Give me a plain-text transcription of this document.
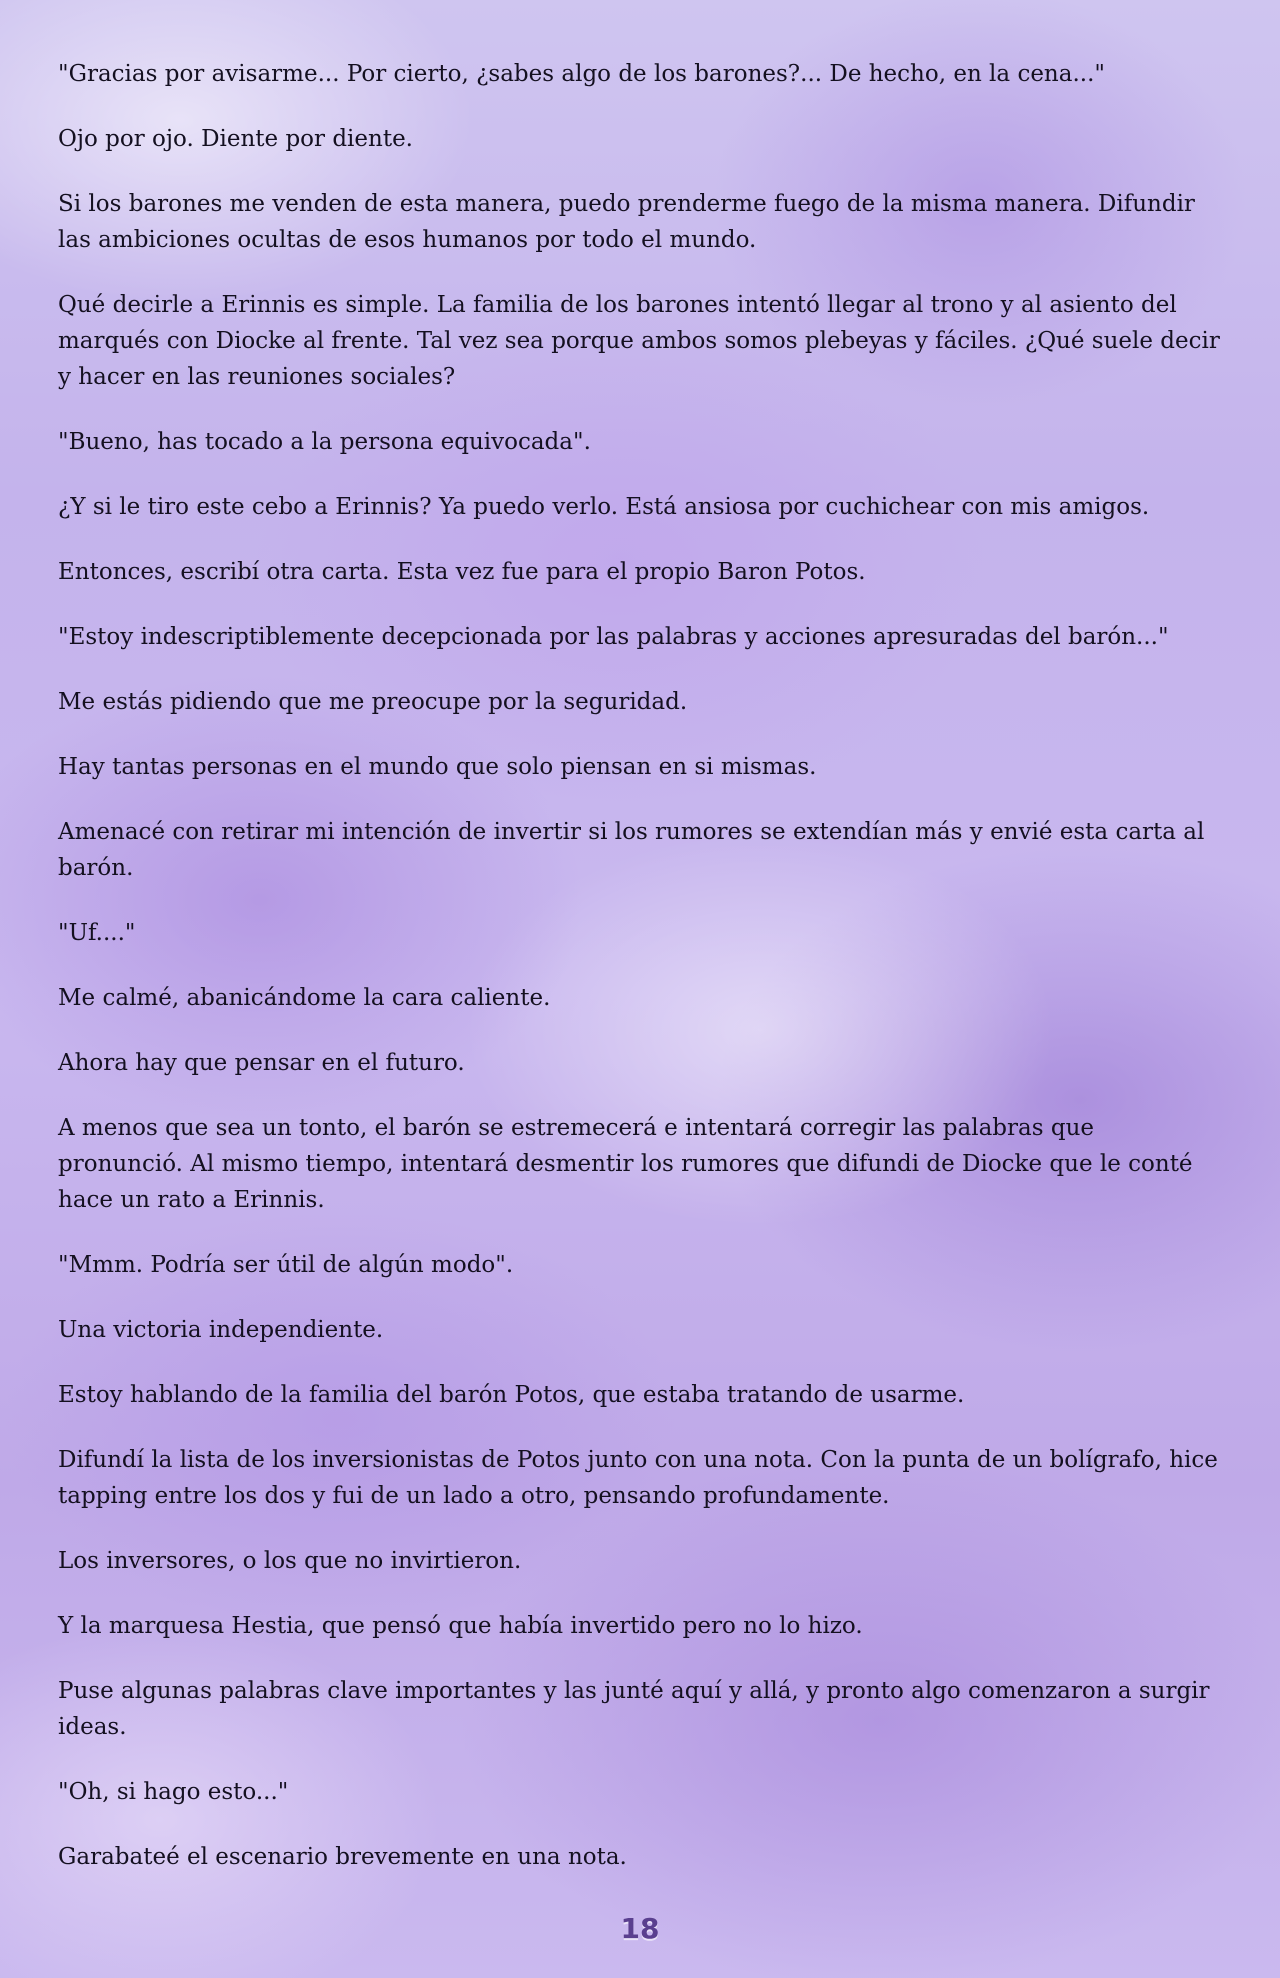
"Gracias por avisarme... Por cierto, ¿sabes algo de los barones?... De hecho, en la cena..."

Ojo por ojo. Diente por diente.

Si los barones me venden de esta manera, puedo prenderme fuego de la misma manera. Difundir las ambiciones ocultas de esos humanos por todo el mundo.

Qué decirle a Erinnis es simple. La familia de los barones intentó llegar al trono y al asiento del marqués con Diocke al frente. Tal vez sea porque ambos somos plebeyas y fáciles. ¿Qué suele decir y hacer en las reuniones sociales?

"Bueno, has tocado a la persona equivocada".

¿Y si le tiro este cebo a Erinnis? Ya puedo verlo. Está ansiosa por cuchichear con mis amigos.

Entonces, escribí otra carta. Esta vez fue para el propio Baron Potos.

"Estoy indescriptiblemente decepcionada por las palabras y acciones apresuradas del barón..."

Me estás pidiendo que me preocupe por la seguridad.

Hay tantas personas en el mundo que solo piensan en si mismas.

Amenacé con retirar mi intención de invertir si los rumores se extendían más y envié esta carta al barón.

"Uf...."

Me calmé, abanicándome la cara caliente.

Ahora hay que pensar en el futuro.

A menos que sea un tonto, el barón se estremecerá e intentará corregir las palabras que pronunció. Al mismo tiempo, intentará desmentir los rumores que difundi de Diocke que le conté hace un rato a Erinnis.

"Mmm. Podría ser útil de algún modo".

Una victoria independiente.

Estoy hablando de la familia del barón Potos, que estaba tratando de usarme.

Difundí la lista de los inversionistas de Potos junto con una nota. Con la punta de un bolígrafo, hice tapping entre los dos y fui de un lado a otro, pensando profundamente.

Los inversores, o los que no invirtieron.

Y la marquesa Hestia, que pensó que había invertido pero no lo hizo.

Puse algunas palabras clave importantes y las junté aquí y allá, y pronto algo comenzaron a surgir ideas.

"Oh, si hago esto..."

Garabateé el escenario brevemente en una nota.

18
